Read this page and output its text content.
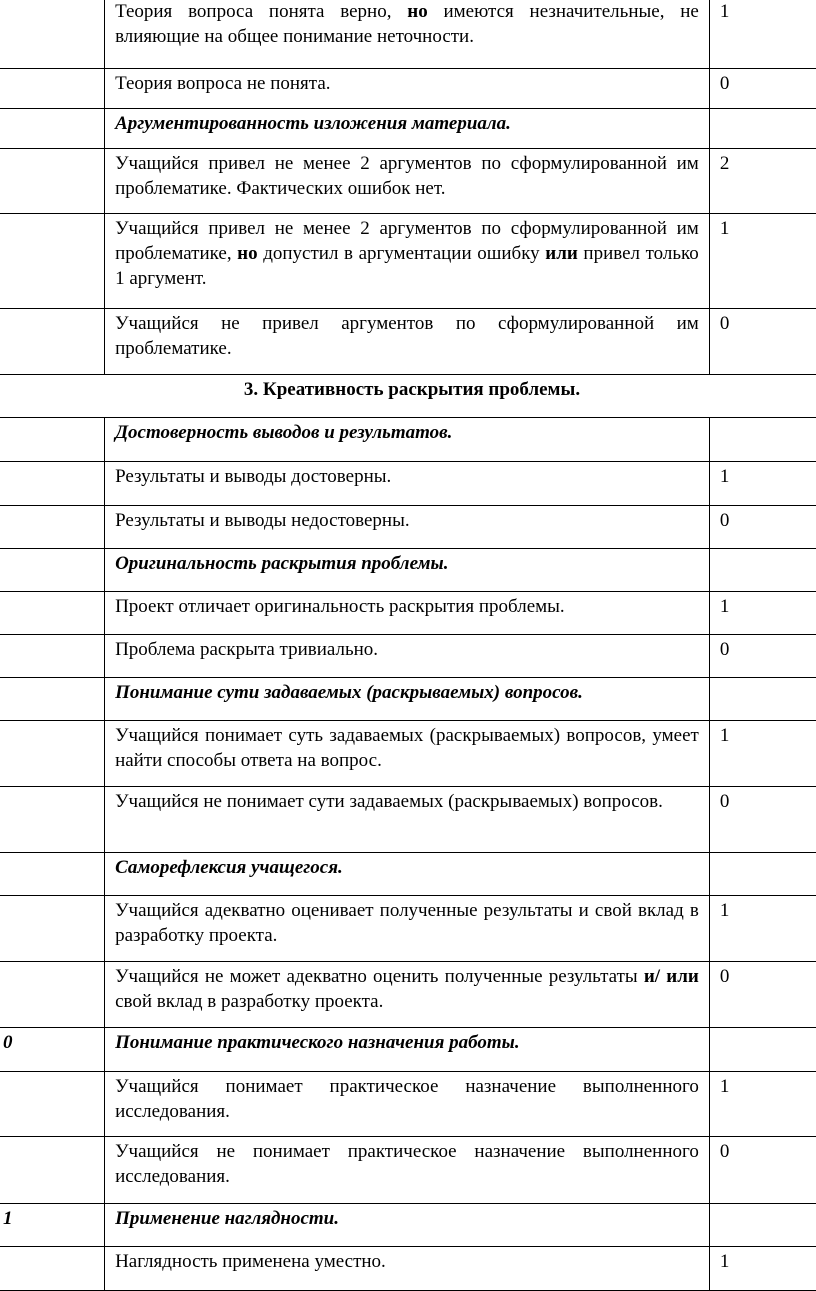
	Теория вопроса понята верно, но имеются незначительные, не влияющие на общее понимание неточности.	1
	Теория вопроса не понята.	0
	Аргументированность изложения материала.	
	Учащийся привел не менее 2 аргументов по сформулированной им проблематике. Фактических ошибок нет.	2
	Учащийся привел не менее 2 аргументов по сформулированной им проблематике, но допустил в аргументации ошибку или привел только 1 аргумент.	1
	Учащийся не привел аргументов по сформулированной им проблематике.	0
3. Креативность раскрытия проблемы.		
	Достоверность выводов и результатов.	
	Результаты и выводы достоверны.	1
	Результаты и выводы недостоверны.	0
	Оригинальность раскрытия проблемы.	
	Проект отличает оригинальность раскрытия проблемы.	1
	Проблема раскрыта тривиально.	0
	Понимание сути задаваемых (раскрываемых) вопросов.	
	Учащийся понимает суть задаваемых (раскрываемых) вопросов, умеет найти способы ответа на вопрос.	1
	Учащийся не понимает сути задаваемых (раскрываемых) вопросов.	0
	Саморефлексия учащегося.	
	Учащийся адекватно оценивает полученные результаты и свой вклад в разработку проекта.	1
	Учащийся не может адекватно оценить полученные результаты и/ или свой вклад в разработку проекта.	0
0	Понимание практического назначения работы.	
	Учащийся понимает практическое назначение выполненного исследования.	1
	Учащийся не понимает практическое назначение выполненного исследования.	0
1	Применение наглядности.	
	Наглядность применена уместно.	1
